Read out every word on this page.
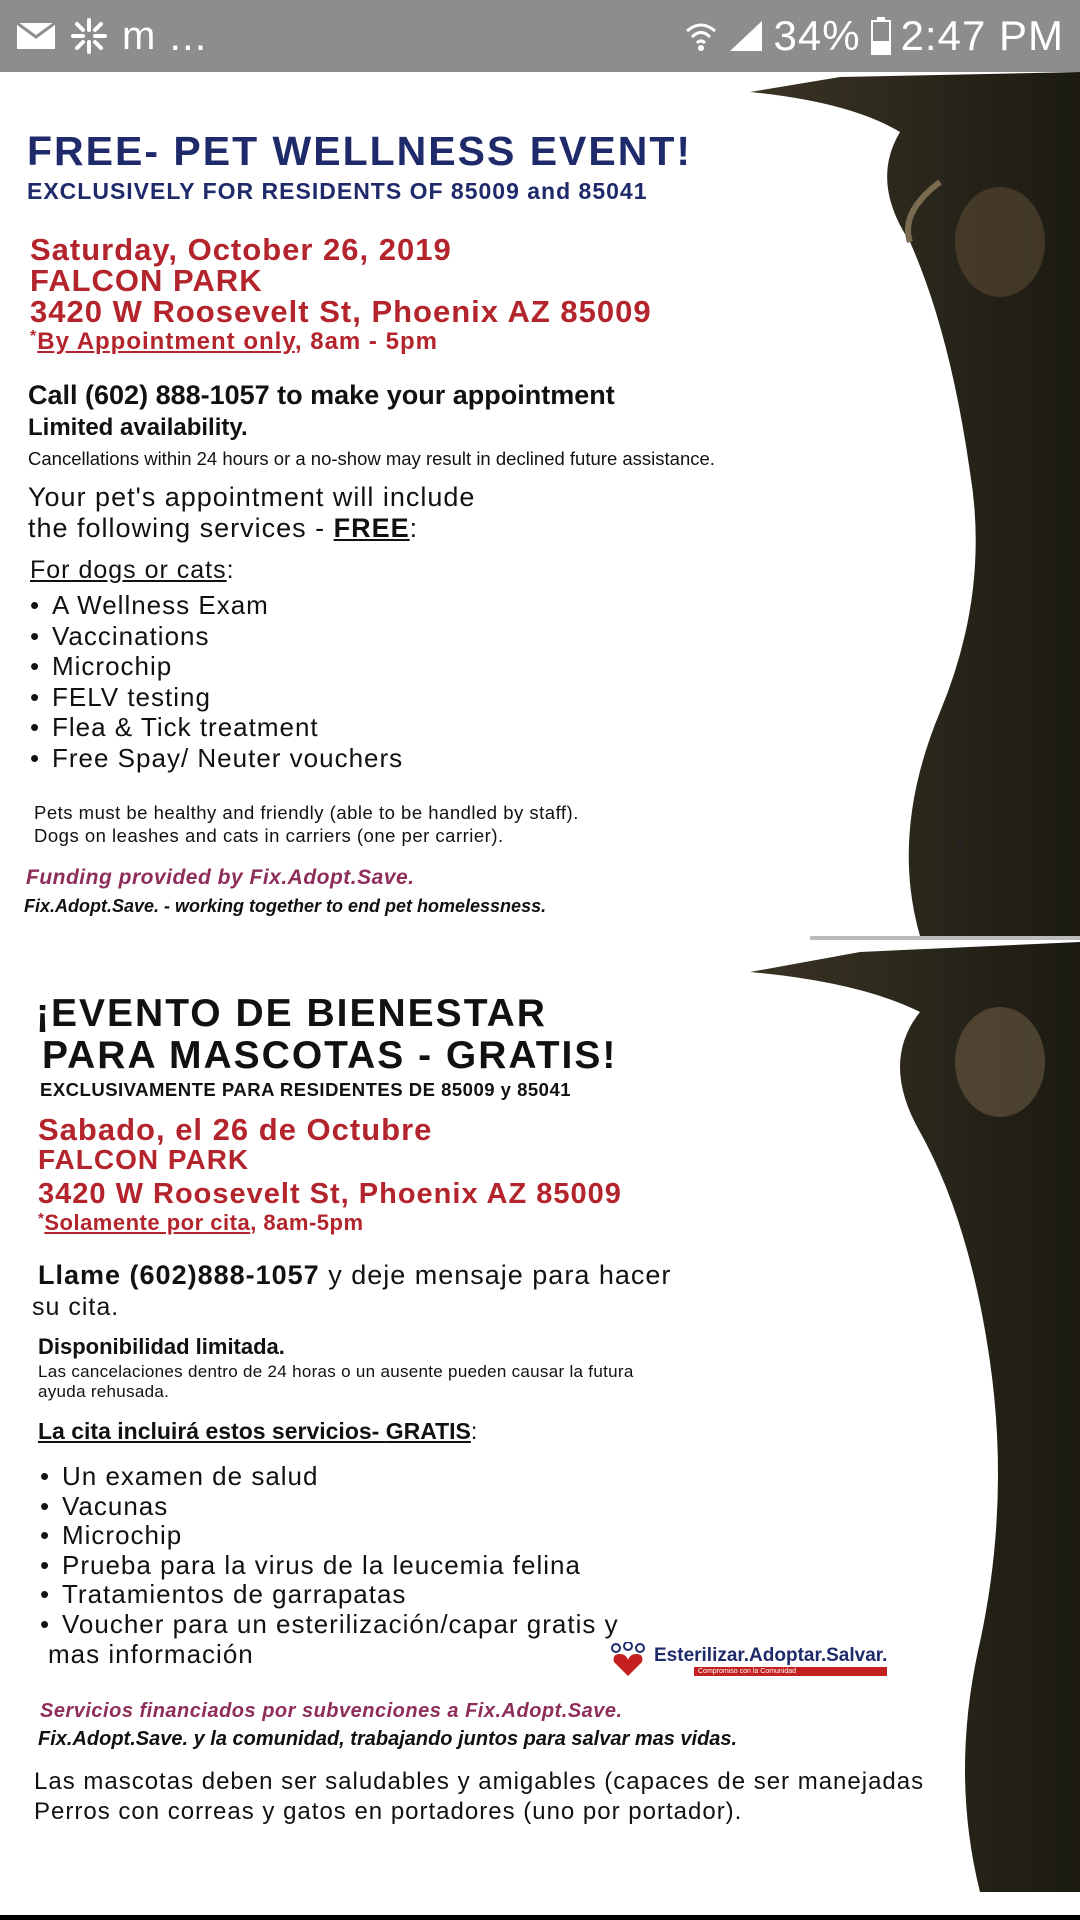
m ...	34% 2:47 PM
FREE- PET WELLNESS EVENT!
EXCLUSIVELY FOR RESIDENTS OF 85009 and 85041
Saturday, October 26, 2019
FALCON PARK
3420 W Roosevelt St, Phoenix AZ 85009
*By Appointment only, 8am - 5pm
Call (602) 888-1057 to make your appointment
Limited availability.
Cancellations within 24 hours or a no-show may result in declined future assistance.
Your pet's appointment will include
the following services - FREE:
For dogs or cats:
• A Wellness Exam
• Vaccinations
• Microchip
• FELV testing
• Flea & Tick treatment
• Free Spay/ Neuter vouchers
Pets must be healthy and friendly (able to be handled by staff).
Dogs on leashes and cats in carriers (one per carrier).
Funding provided by Fix.Adopt.Save.
Fix.Adopt.Save. - working together to end pet homelessness.
¡EVENTO DE BIENESTAR
PARA MASCOTAS - GRATIS!
EXCLUSIVAMENTE PARA RESIDENTES DE 85009 y 85041
Sabado, el 26 de Octubre
FALCON PARK
3420 W Roosevelt St, Phoenix AZ 85009
*Solamente por cita, 8am-5pm
Llame (602)888-1057 y deje mensaje para hacer
su cita.
Disponibilidad limitada.
Las cancelaciones dentro de 24 horas o un ausente pueden causar la futura
ayuda rehusada.
La cita incluirá estos servicios- GRATIS:
• Un examen de salud
• Vacunas
• Microchip
• Prueba para la virus de la leucemia felina
• Tratamientos de garrapatas
• Voucher para un esterilización/capar gratis y
mas información	Esterilizar.Adoptar.Salvar.
Compromiso con la Comunidad
Servicios financiados por subvenciones a Fix.Adopt.Save.
Fix.Adopt.Save. y la comunidad, trabajando juntos para salvar mas vidas.
Las mascotas deben ser saludables y amigables (capaces de ser manejadas
Perros con correas y gatos en portadores (uno por portador).
